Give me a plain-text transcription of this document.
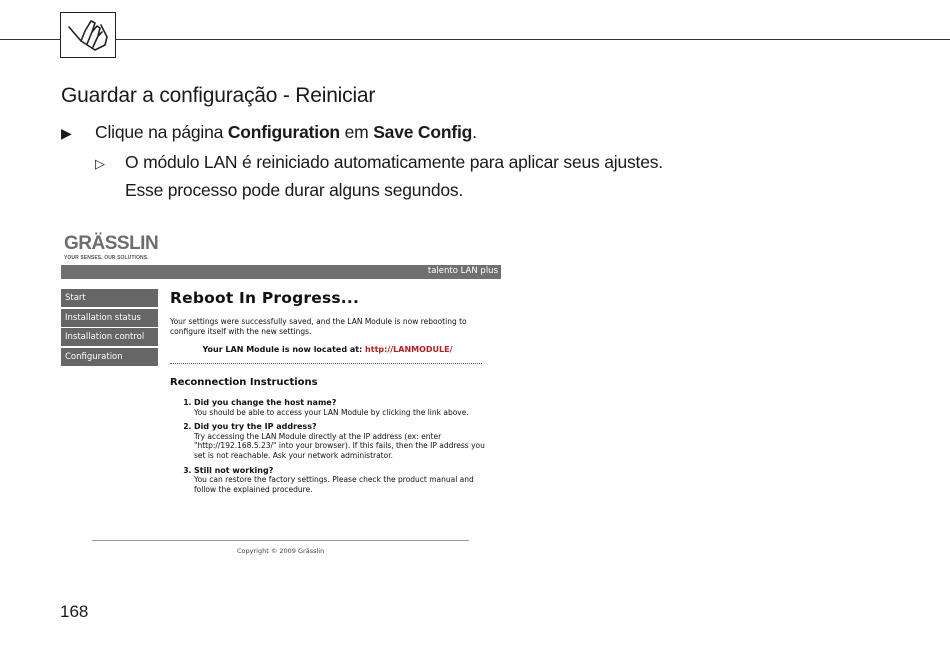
Guardar a configuração - Reiniciar
▶ Clique na página Configuration em Save Config.
▷ O módulo LAN é reiniciado automaticamente para aplicar seus ajustes.
Esse processo pode durar alguns segundos.
GRÄSSLIN
YOUR SENSES. OUR SOLUTIONS.
talento LAN plus
Start
Installation status
Installation control
Configuration
Reboot In Progress...
Your settings were successfully saved, and the LAN Module is now rebooting to configure itself with the new settings.
Your LAN Module is now located at: http://LANMODULE/
Reconnection Instructions
1. Did you change the host name?
You should be able to access your LAN Module by clicking the link above.
2. Did you try the IP address?
Try accessing the LAN Module directly at the IP address (ex: enter "http://192.168.5.23/" into your browser). If this fails, then the IP address you set is not reachable. Ask your network administrator.
3. Still not working?
You can restore the factory settings. Please check the product manual and follow the explained procedure.
Copyright © 2009 Grässlin
168
